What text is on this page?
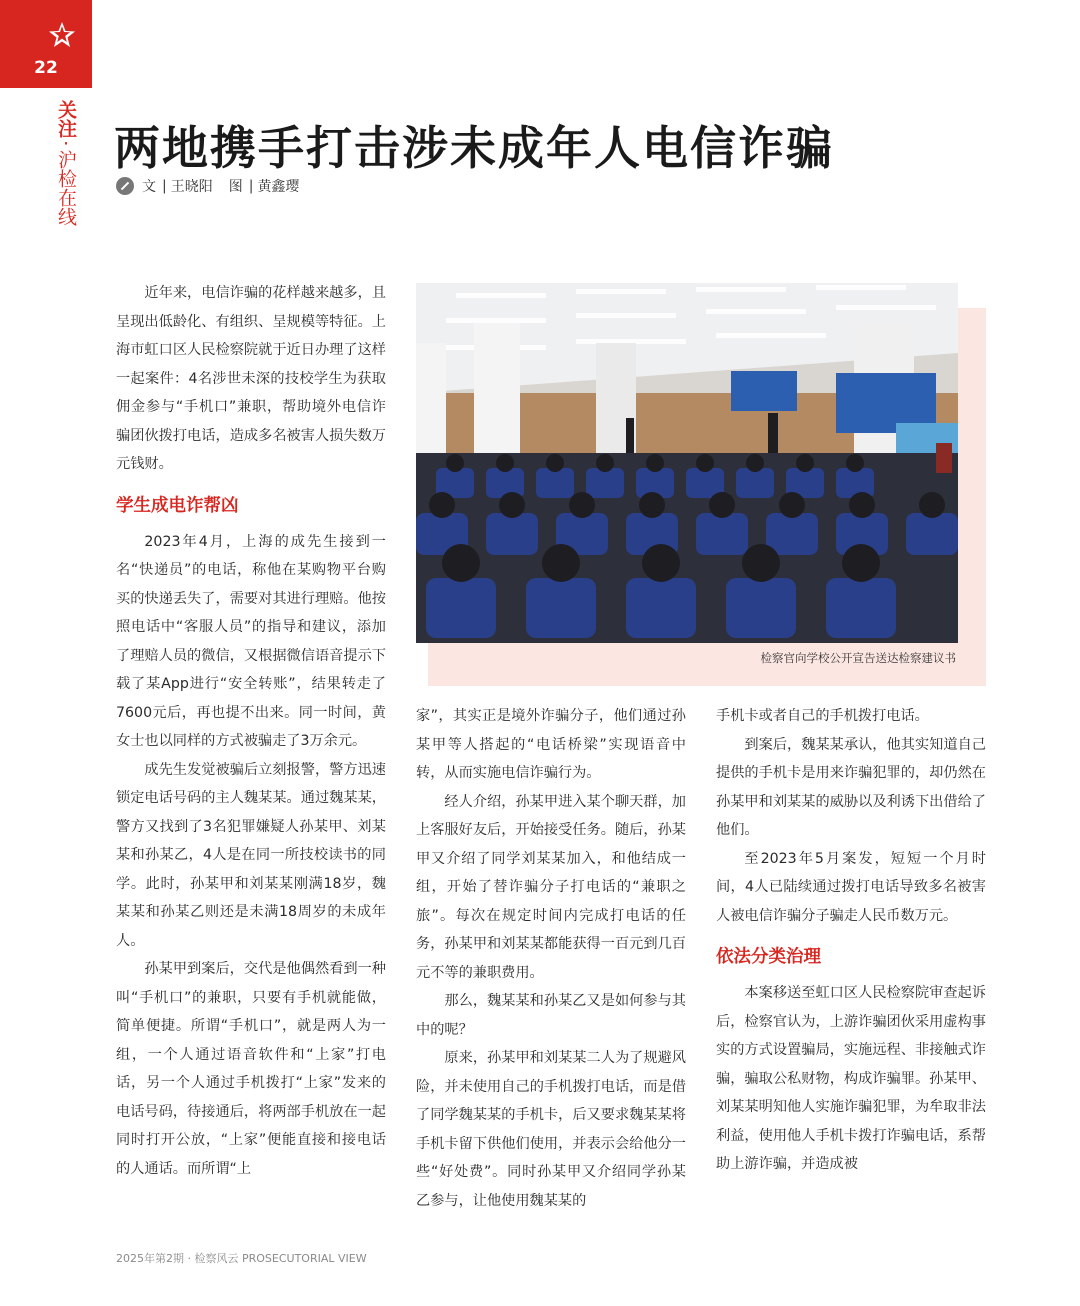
22
关注
·
沪检在线
两地携手打击涉未成年人电信诈骗
文 | 王晓阳 图 | 黄鑫璎

近年来，电信诈骗的花样越来越多，且呈现出低龄化、有组织、呈规模等特征。上海市虹口区人民检察院就于近日办理了这样一起案件：4名涉世未深的技校学生为获取佣金参与“手机口”兼职，帮助境外电信诈骗团伙拨打电话，造成多名被害人损失数万元钱财。

学生成电诈帮凶

2023年4月，上海的成先生接到一名“快递员”的电话，称他在某购物平台购买的快递丢失了，需要对其进行理赔。他按照电话中“客服人员”的指导和建议，添加了理赔人员的微信，又根据微信语音提示下载了某App进行“安全转账”，结果转走了7600元后，再也提不出来。同一时间，黄女士也以同样的方式被骗走了3万余元。

成先生发觉被骗后立刻报警，警方迅速锁定电话号码的主人魏某某。通过魏某某，警方又找到了3名犯罪嫌疑人孙某甲、刘某某和孙某乙，4人是在同一所技校读书的同学。此时，孙某甲和刘某某刚满18岁，魏某某和孙某乙则还是未满18周岁的未成年人。

孙某甲到案后，交代是他偶然看到一种叫“手机口”的兼职，只要有手机就能做，简单便捷。所谓“手机口”，就是两人为一组，一个人通过语音软件和“上家”打电话，另一个人通过手机拨打“上家”发来的电话号码，待接通后，将两部手机放在一起同时打开公放，“上家”便能直接和接电话的人通话。而所谓“上

检察官向学校公开宣告送达检察建议书

家”，其实正是境外诈骗分子，他们通过孙某甲等人搭起的“电话桥梁”实现语音中转，从而实施电信诈骗行为。

经人介绍，孙某甲进入某个聊天群，加上客服好友后，开始接受任务。随后，孙某甲又介绍了同学刘某某加入，和他结成一组，开始了替诈骗分子打电话的“兼职之旅”。每次在规定时间内完成打电话的任务，孙某甲和刘某某都能获得一百元到几百元不等的兼职费用。

那么，魏某某和孙某乙又是如何参与其中的呢？

原来，孙某甲和刘某某二人为了规避风险，并未使用自己的手机拨打电话，而是借了同学魏某某的手机卡，后又要求魏某某将手机卡留下供他们使用，并表示会给他分一些“好处费”。同时孙某甲又介绍同学孙某乙参与，让他使用魏某某的

手机卡或者自己的手机拨打电话。

到案后，魏某某承认，他其实知道自己提供的手机卡是用来诈骗犯罪的，却仍然在孙某甲和刘某某的威胁以及利诱下出借给了他们。

至2023年5月案发，短短一个月时间，4人已陆续通过拨打电话导致多名被害人被电信诈骗分子骗走人民币数万元。

依法分类治理

本案移送至虹口区人民检察院审查起诉后，检察官认为，上游诈骗团伙采用虚构事实的方式设置骗局，实施远程、非接触式诈骗，骗取公私财物，构成诈骗罪。孙某甲、刘某某明知他人实施诈骗犯罪，为牟取非法利益，使用他人手机卡拨打诈骗电话，系帮助上游诈骗，并造成被

2025年第2期 · 检察风云 PROSECUTORIAL VIEW
